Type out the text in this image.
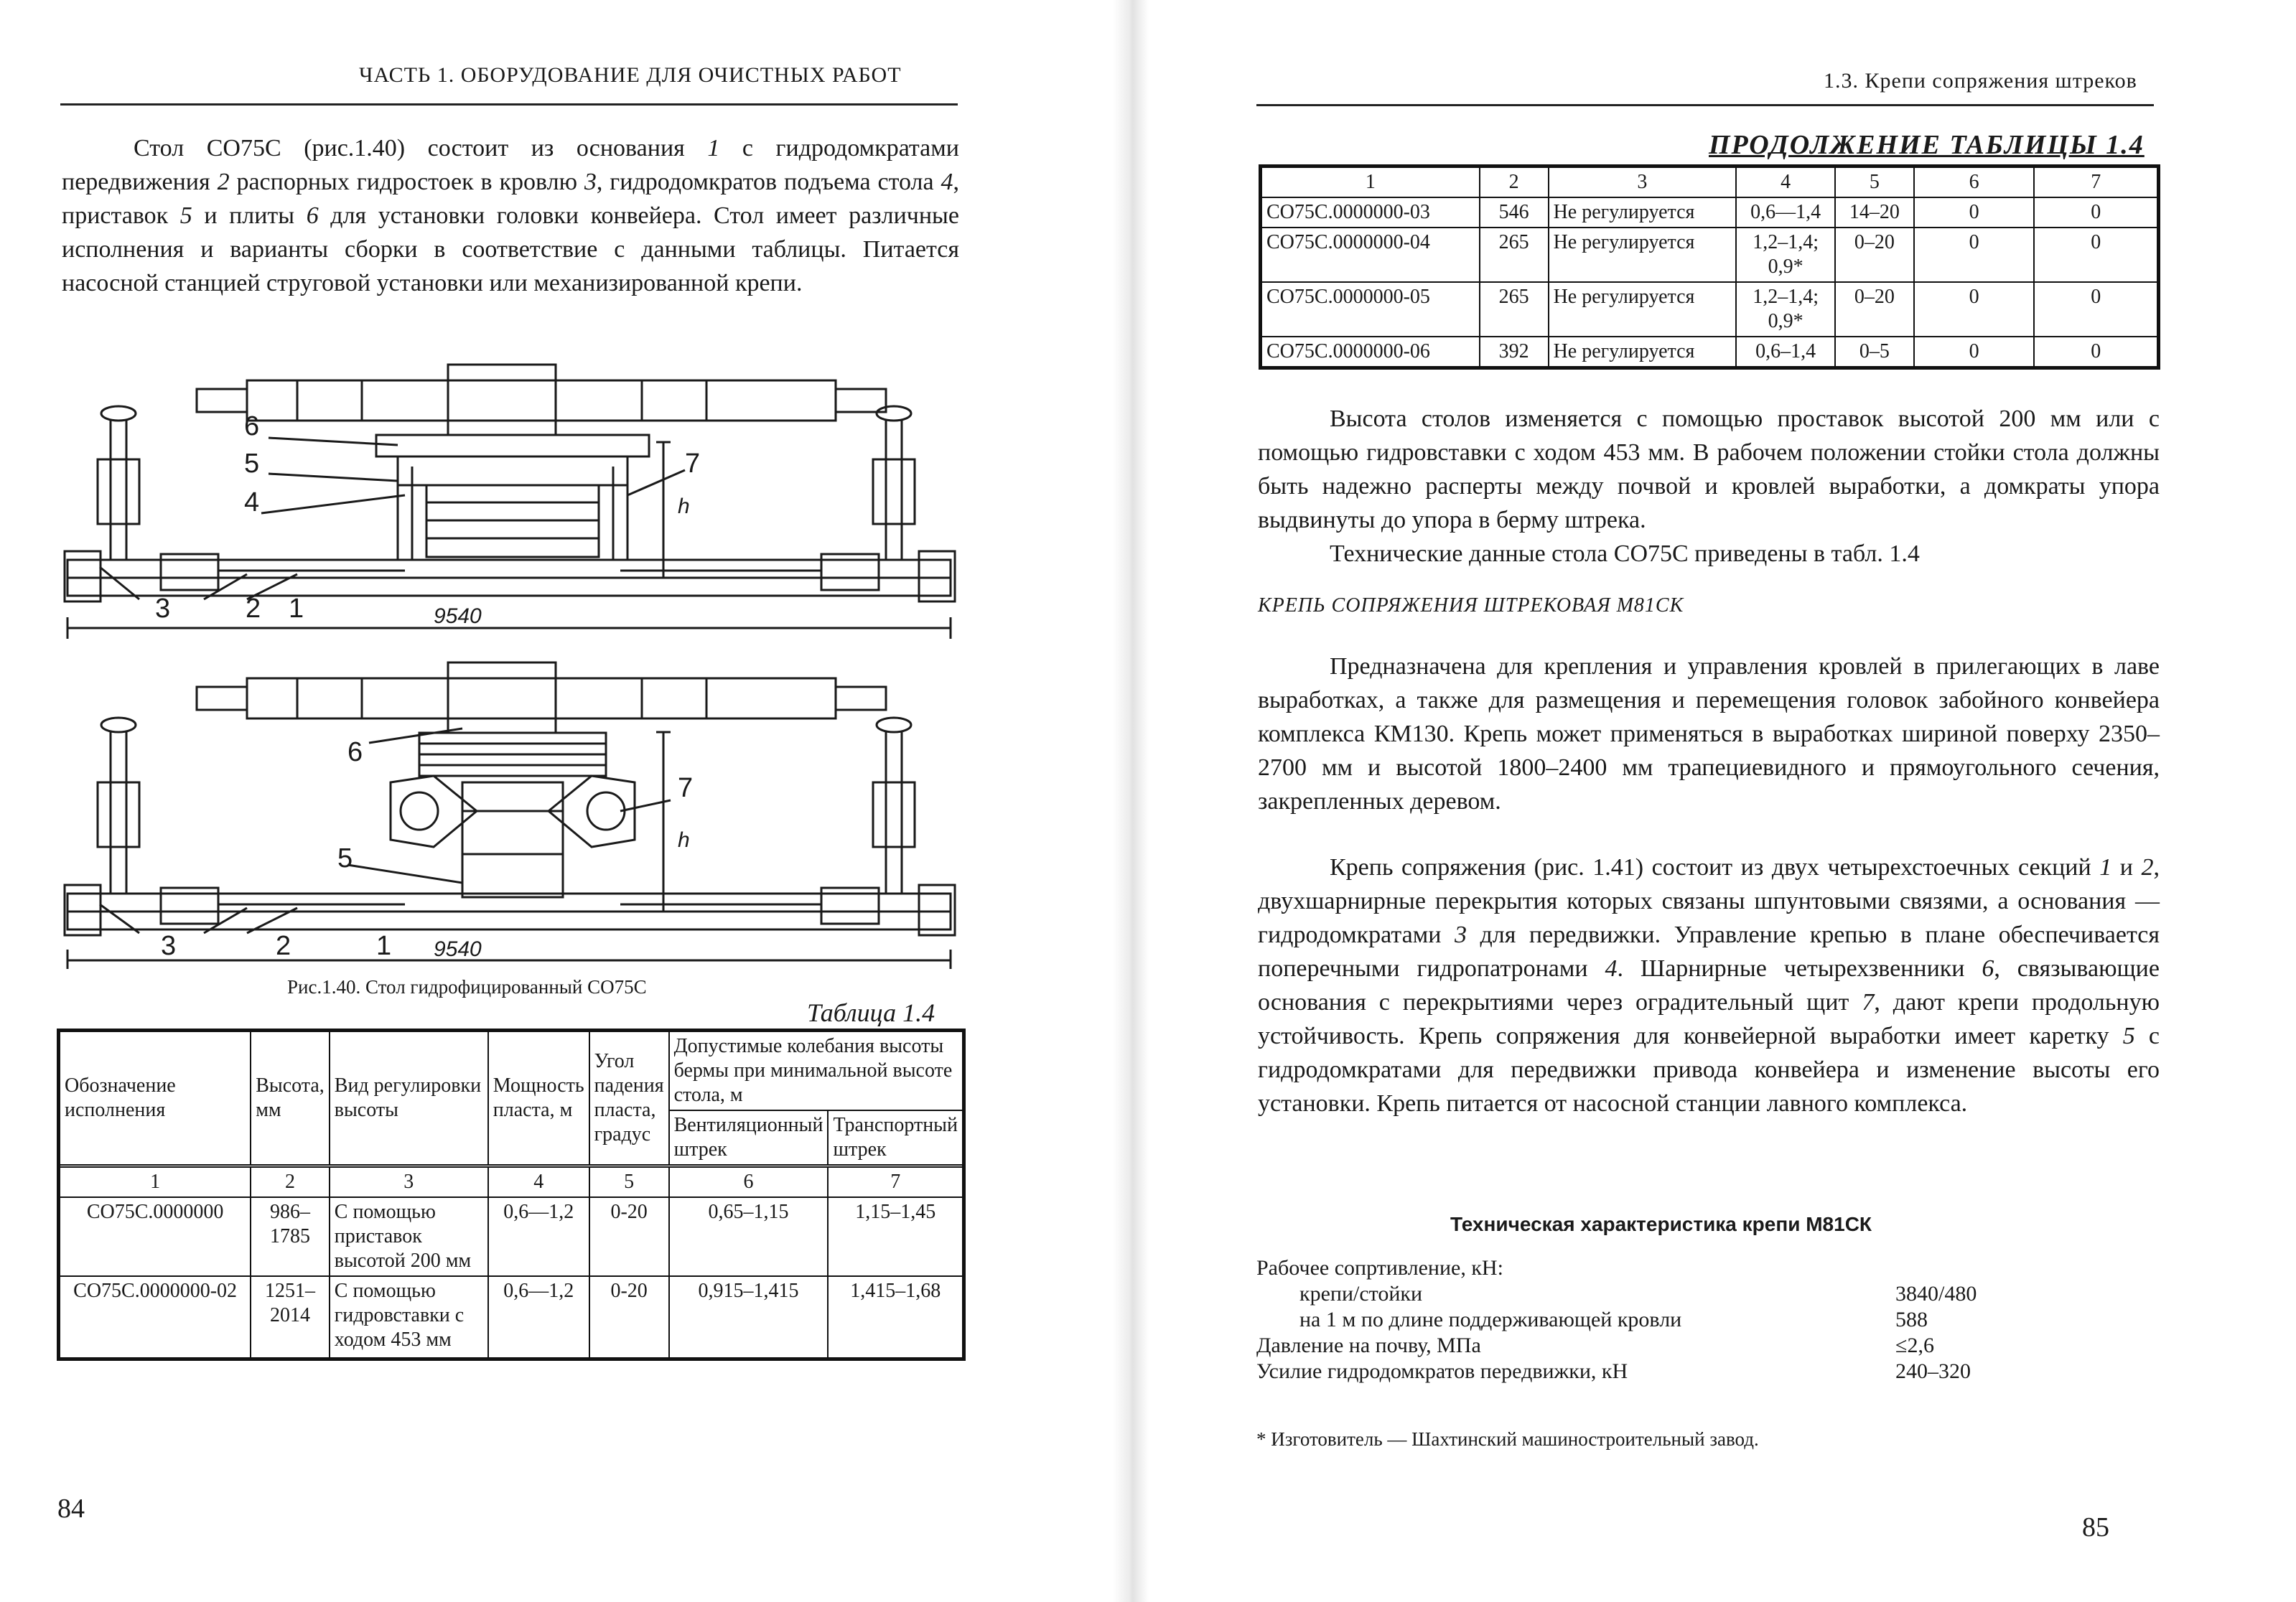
ЧАСТЬ 1. ОБОРУДОВАНИЕ ДЛЯ ОЧИСТНЫХ РАБОТ
Стол СО75С (рис.1.40) состоит из основания 1 с гидродомкратами передвижения 2 распорных гидростоек в кровлю 3, гидродомкратов подъема стола 4, приставок 5 и плиты 6 для установки головки конвейера. Стол имеет различные исполнения и варианты сборки в соответствие с данными таблицы. Питается насосной станцией струговой установки или механизированной крепи.
6
5
4
7
3	2 1
h
9540
6
7
5
3	2	1
h
9540
Рис.1.40. Стол гидрофицированный СО75С
Таблица 1.4
Обозначение исполнения	Высота, мм	Вид регулировки высоты	Мощность пласта, м	Угол падения пласта, градус	Допустимые колебания высоты бермы при минимальной высоте стола, м	
					Вентиляционный штрек	Транспортный штрек
1	2	3	4	5	6	7
СО75С.0000000	986–1785	С помощью приставок высотой 200 мм	0,6—1,2	0-20	0,65–1,15	1,15–1,45
СО75С.0000000-02	1251–2014	С помощью гидровставки с ходом 453 мм	0,6—1,2	0-20	0,915–1,415	1,415–1,68
84
1.3. Крепи сопряжения штреков
ПРОДОЛЖЕНИЕ ТАБЛИЦЫ 1.4
1	2	3	4	5	6	7
СО75С.0000000-03	546	Не регулируется	0,6—1,4	14–20	0	0
СО75С.0000000-04	265	Не регулируется	1,2–1,4; 0,9*	0–20	0	0
СО75С.0000000-05	265	Не регулируется	1,2–1,4; 0,9*	0–20	0	0
СО75С.0000000-06	392	Не регулируется	0,6–1,4	0–5	0	0
Высота столов изменяется с помощью проставок высотой 200 мм или с помощью гидровставки с ходом 453 мм. В рабочем положении стойки стола должны быть надежно расперты между почвой и кровлей выработки, а домкраты упора выдвинуты до упора в берму штрека.
Технические данные стола СО75С приведены в табл. 1.4
КРЕПЬ СОПРЯЖЕНИЯ ШТРЕКОВАЯ М81СК
Предназначена для крепления и управления кровлей в прилегающих в лаве выработках, а также для размещения и перемещения головок забойного конвейера комплекса КМ130. Крепь может применяться в выработках шириной поверху 2350–2700 мм и высотой 1800–2400 мм трапециевидного и прямоугольного сечения, закрепленных деревом.
Крепь сопряжения (рис. 1.41) состоит из двух четырехстоечных секций 1 и 2, двухшарнирные перекрытия которых связаны шпунтовыми связями, а основания — гидродомкратами 3 для передвижки. Управление крепью в плане обеспечивается поперечными гидропатронами 4. Шарнирные четырехзвенники 6, связывающие основания с перекрытиями через оградительный щит 7, дают крепи продольную устойчивость. Крепь сопряжения для конвейерной выработки имеет каретку 5 с гидродомкратами для передвижки привода конвейера и изменение высоты его установки. Крепь питается от насосной станции лавного комплекса.
Техническая характеристика крепи М81СК
Рабочее сопртивление, кН:
крепи/стойки	3840/480
на 1 м по длине поддерживающей кровли	588
Давление на почву, МПа	≤2,6
Усилие гидродомкратов передвижки, кН	240–320
* Изготовитель — Шахтинский машиностроительный завод.
85
